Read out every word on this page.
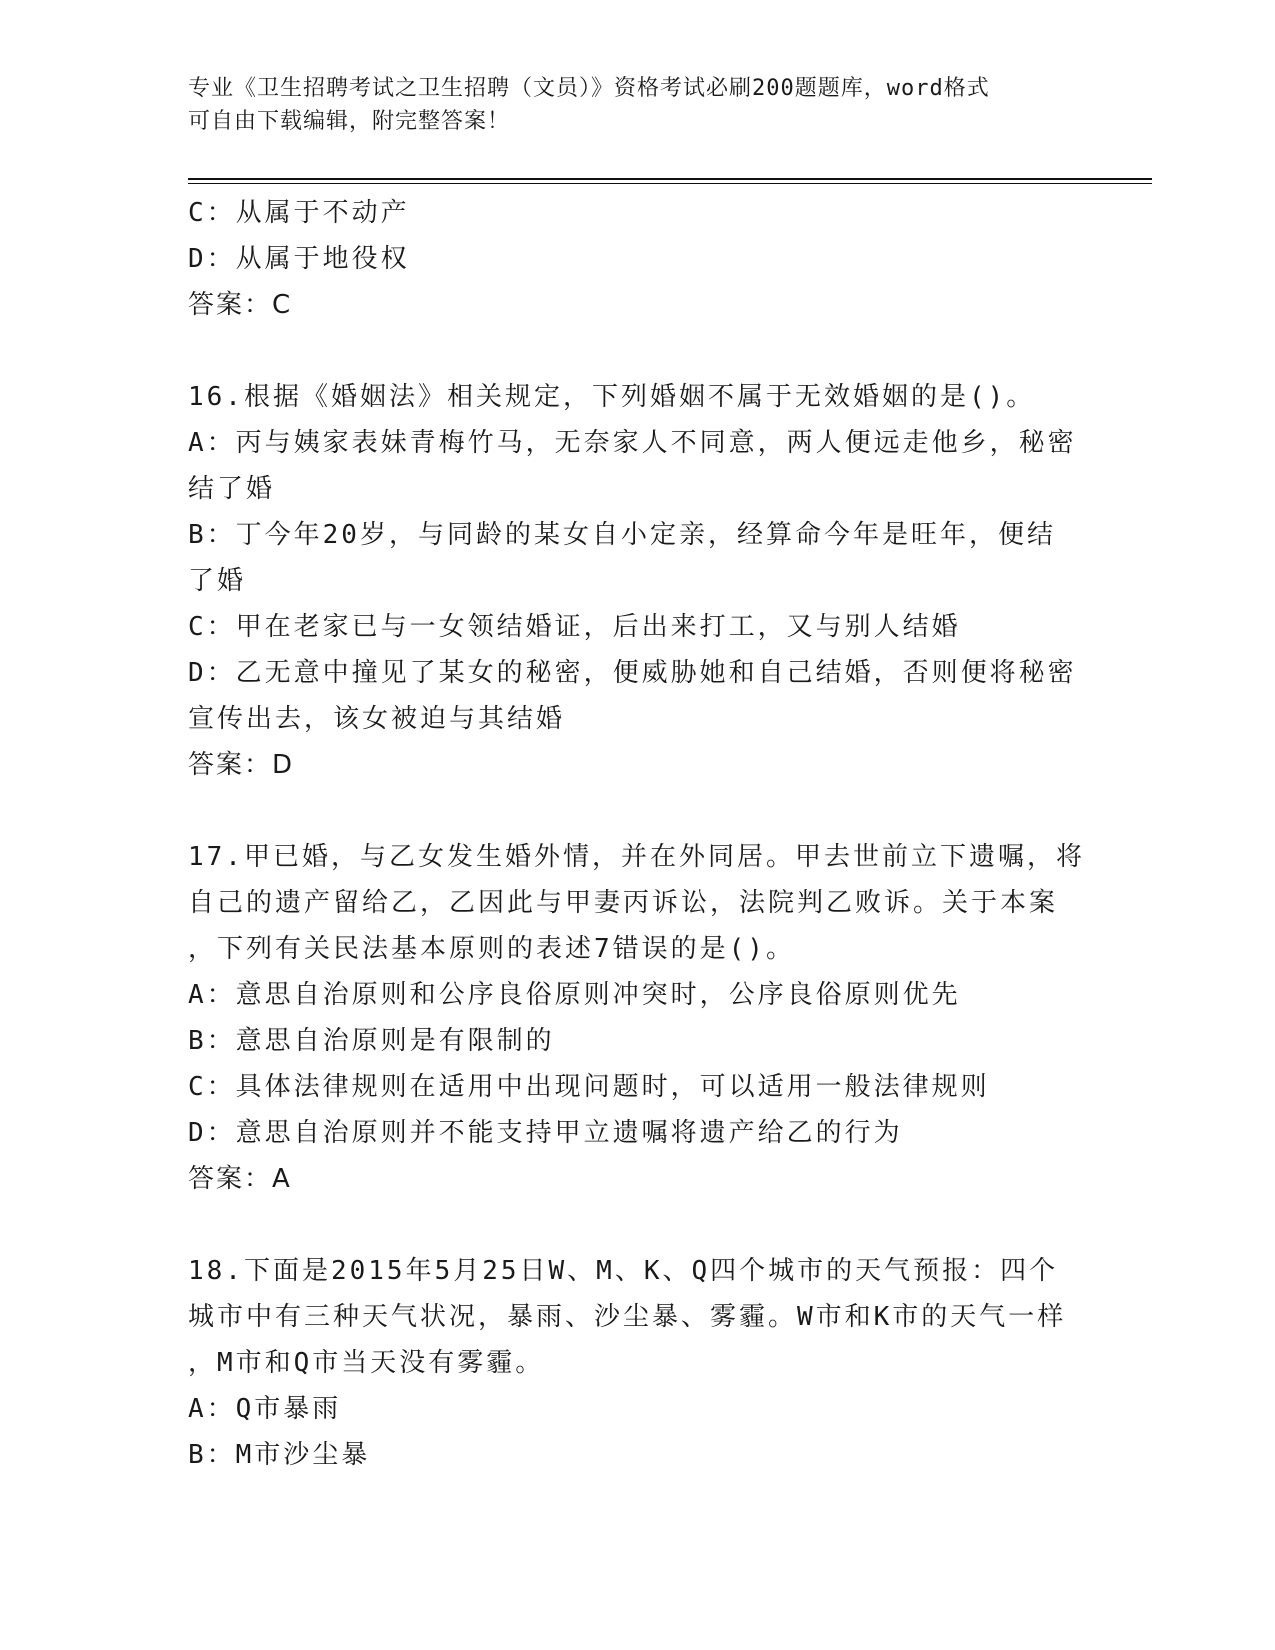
专业《卫生招聘考试之卫生招聘（文员）》资格考试必刷200题题库，word格式
可自由下载编辑，附完整答案！

C：从属于不动产

D：从属于地役权

答案：C

16.根据《婚姻法》相关规定，下列婚姻不属于无效婚姻的是()。

A：丙与姨家表妹青梅竹马，无奈家人不同意，两人便远走他乡，秘密

结了婚

B：丁今年20岁，与同龄的某女自小定亲，经算命今年是旺年，便结

了婚

C：甲在老家已与一女领结婚证，后出来打工，又与别人结婚

D：乙无意中撞见了某女的秘密，便威胁她和自己结婚，否则便将秘密

宣传出去，该女被迫与其结婚

答案：D

17.甲已婚，与乙女发生婚外情，并在外同居。甲去世前立下遗嘱，将

自己的遗产留给乙，乙因此与甲妻丙诉讼，法院判乙败诉。关于本案

，下列有关民法基本原则的表述7错误的是()。

A：意思自治原则和公序良俗原则冲突时，公序良俗原则优先

B：意思自治原则是有限制的

C：具体法律规则在适用中出现问题时，可以适用一般法律规则

D：意思自治原则并不能支持甲立遗嘱将遗产给乙的行为

答案：A

18.下面是2015年5月25日W、M、K、Q四个城市的天气预报：四个

城市中有三种天气状况，暴雨、沙尘暴、雾霾。W市和K市的天气一样

，M市和Q市当天没有雾霾。

A：Q市暴雨

B：M市沙尘暴
